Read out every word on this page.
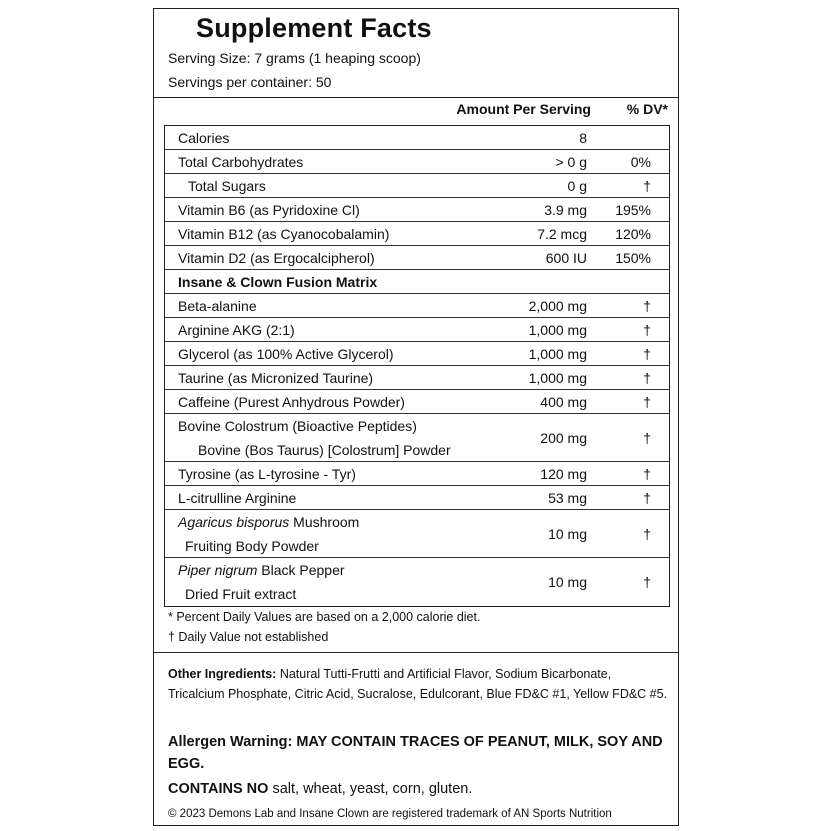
Supplement Facts
Serving Size: 7 grams (1 heaping scoop)
Servings per container: 50
Amount Per Serving	% DV*
Calories	8
Total Carbohydrates	> 0 g	0%
Total Sugars	0 g	†
Vitamin B6 (as Pyridoxine Cl)	3.9 mg 195%
Vitamin B12 (as Cyanocobalamin)	7.2 mcg 120%
Vitamin D2 (as Ergocalcipherol)	600 IU 150%
Insane & Clown Fusion Matrix
Beta-alanine	2,000 mg	†
Arginine AKG (2:1)	1,000 mg	†
Glycerol (as 100% Active Glycerol)	1,000 mg	†
Taurine (as Micronized Taurine)	1,000 mg	†
Caffeine (Purest Anhydrous Powder)	400 mg	†
Bovine Colostrum (Bioactive Peptides)
Bovine (Bos Taurus) [Colostrum] Powder
200 mg	†
Tyrosine (as L-tyrosine - Tyr)	120 mg	†
L-citrulline Arginine	53 mg	†
Agaricus bisporus Mushroom
Fruiting Body Powder
10 mg	†
Piper nigrum Black Pepper
Dried Fruit extract
10 mg	†
* Percent Daily Values are based on a 2,000 calorie diet.
† Daily Value not established
Other Ingredients: Natural Tutti-Frutti and Artificial Flavor, Sodium Bicarbonate, Tricalcium Phosphate, Citric Acid, Sucralose, Edulcorant, Blue FD&C #1, Yellow FD&C #5.
Allergen Warning: MAY CONTAIN TRACES OF PEANUT, MILK, SOY AND EGG.
CONTAINS NO salt, wheat, yeast, corn, gluten.
© 2023 Demons Lab and Insane Clown are registered trademark of AN Sports Nutrition
